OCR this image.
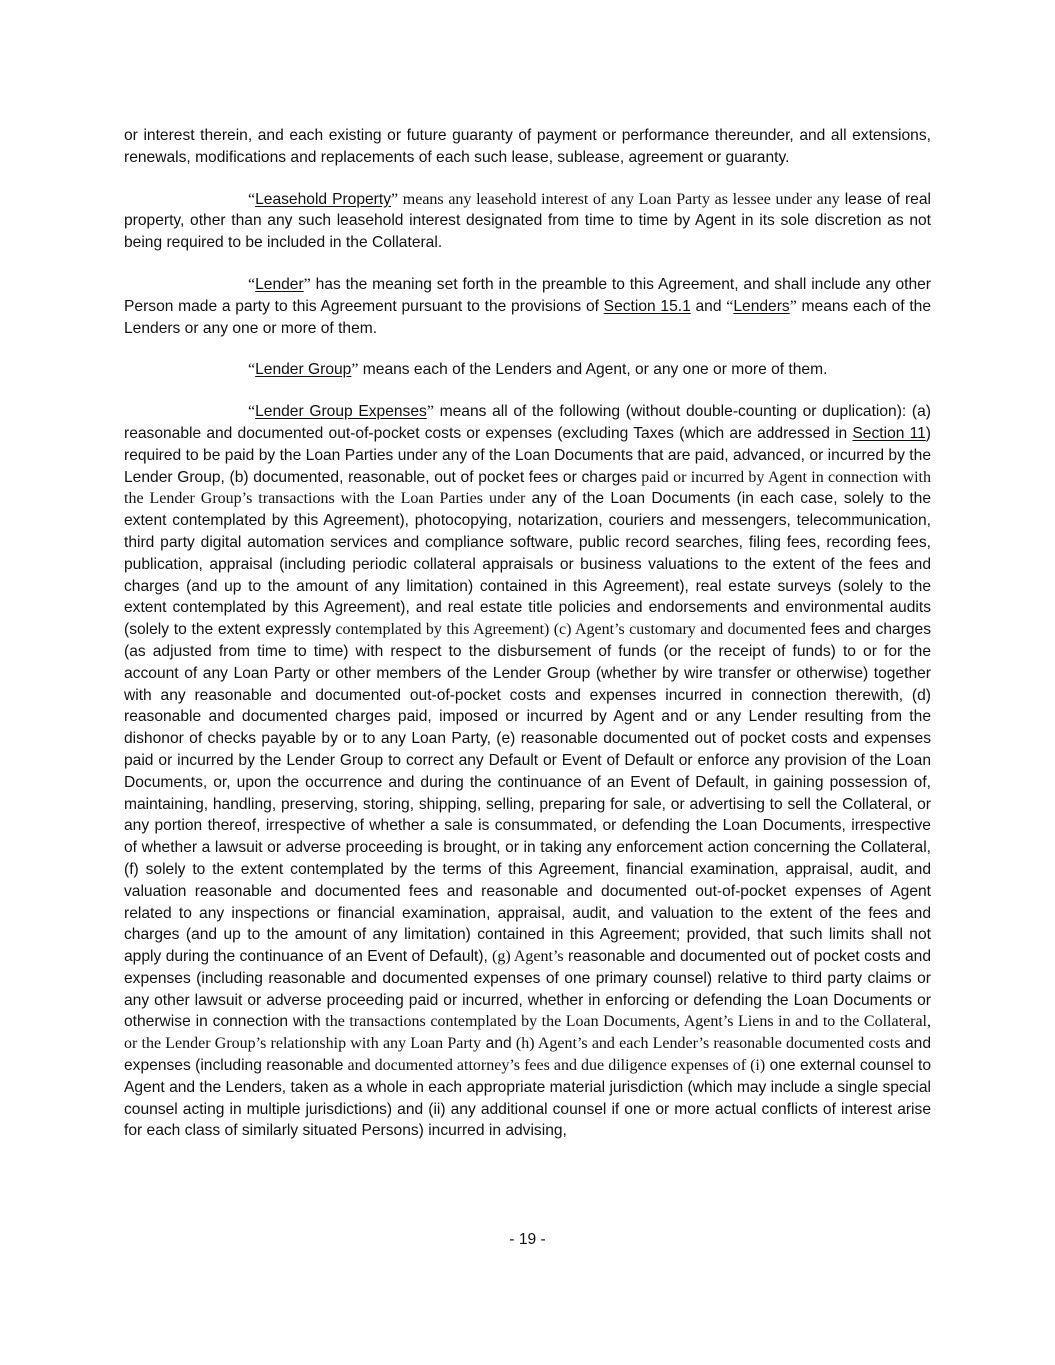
or interest therein, and each existing or future guaranty of payment or performance thereunder, and all extensions, renewals, modifications and replacements of each such lease, sublease, agreement or guaranty.

“Leasehold Property” means any leasehold interest of any Loan Party as lessee under any lease of real property, other than any such leasehold interest designated from time to time by Agent in its sole discretion as not being required to be included in the Collateral.

“Lender” has the meaning set forth in the preamble to this Agreement, and shall include any other Person made a party to this Agreement pursuant to the provisions of Section 15.1 and “Lenders” means each of the Lenders or any one or more of them.

“Lender Group” means each of the Lenders and Agent, or any one or more of them.

“Lender Group Expenses” means all of the following (without double-counting or duplication): (a) reasonable and documented out-of-pocket costs or expenses (excluding Taxes (which are addressed in Section 11) required to be paid by the Loan Parties under any of the Loan Documents that are paid, advanced, or incurred by the Lender Group, (b) documented, reasonable, out of pocket fees or charges paid or incurred by Agent in connection with the Lender Group’s transactions with the Loan Parties under any of the Loan Documents (in each case, solely to the extent contemplated by this Agreement), photocopying, notarization, couriers and messengers, telecommunication, third party digital automation services and compliance software, public record searches, filing fees, recording fees, publication, appraisal (including periodic collateral appraisals or business valuations to the extent of the fees and charges (and up to the amount of any limitation) contained in this Agreement), real estate surveys (solely to the extent contemplated by this Agreement), and real estate title policies and endorsements and environmental audits (solely to the extent expressly contemplated by this Agreement) (c) Agent’s customary and documented fees and charges (as adjusted from time to time) with respect to the disbursement of funds (or the receipt of funds) to or for the account of any Loan Party or other members of the Lender Group (whether by wire transfer or otherwise) together with any reasonable and documented out-of-pocket costs and expenses incurred in connection therewith, (d) reasonable and documented charges paid, imposed or incurred by Agent and or any Lender resulting from the dishonor of checks payable by or to any Loan Party, (e) reasonable documented out of pocket costs and expenses paid or incurred by the Lender Group to correct any Default or Event of Default or enforce any provision of the Loan Documents, or, upon the occurrence and during the continuance of an Event of Default, in gaining possession of, maintaining, handling, preserving, storing, shipping, selling, preparing for sale, or advertising to sell the Collateral, or any portion thereof, irrespective of whether a sale is consummated, or defending the Loan Documents, irrespective of whether a lawsuit or adverse proceeding is brought, or in taking any enforcement action concerning the Collateral, (f) solely to the extent contemplated by the terms of this Agreement, financial examination, appraisal, audit, and valuation reasonable and documented fees and reasonable and documented out-of-pocket expenses of Agent related to any inspections or financial examination, appraisal, audit, and valuation to the extent of the fees and charges (and up to the amount of any limitation) contained in this Agreement; provided, that such limits shall not apply during the continuance of an Event of Default), (g) Agent’s reasonable and documented out of pocket costs and expenses (including reasonable and documented expenses of one primary counsel) relative to third party claims or any other lawsuit or adverse proceeding paid or incurred, whether in enforcing or defending the Loan Documents or otherwise in connection with the transactions contemplated by the Loan Documents, Agent’s Liens in and to the Collateral, or the Lender Group’s relationship with any Loan Party and (h) Agent’s and each Lender’s reasonable documented costs and expenses (including reasonable and documented attorney’s fees and due diligence expenses of (i) one external counsel to Agent and the Lenders, taken as a whole in each appropriate material jurisdiction (which may include a single special counsel acting in multiple jurisdictions) and (ii) any additional counsel if one or more actual conflicts of interest arise for each class of similarly situated Persons) incurred in advising,

- 19 -
